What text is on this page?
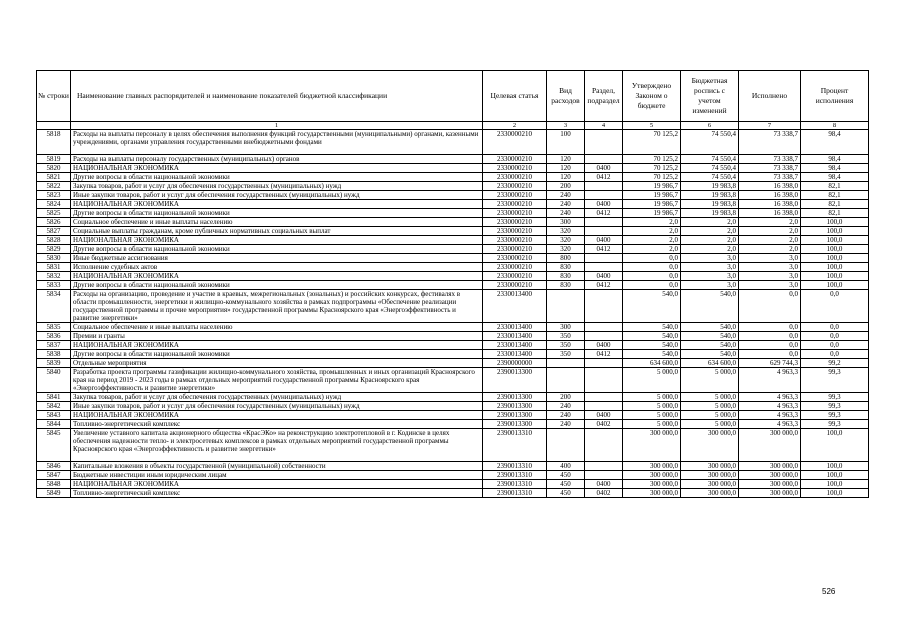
№ строки	Наименование главных распорядителей и наименование показателей бюджетной классификации	Целевая статья	Вид расходов	Раздел, подраздел	Утверждено Законом о бюджете	Бюджетная роспись с учетом изменений	Исполнено	Процент исполнения
	1	2	3	4	5	6	7	8
5818	Расходы на выплаты персоналу в целях обеспечения выполнения функций государственными (муниципальными) органами, казенными учреждениями, органами управления государственными внебюджетными фондами	2330000210	100		70 125,2	74 550,4	73 338,7	98,4
5819	Расходы на выплаты персоналу государственных (муниципальных) органов	2330000210	120		70 125,2	74 550,4	73 338,7	98,4
5820	НАЦИОНАЛЬНАЯ ЭКОНОМИКА	2330000210	120	0400	70 125,2	74 550,4	73 338,7	98,4
5821	Другие вопросы в области национальной экономики	2330000210	120	0412	70 125,2	74 550,4	73 338,7	98,4
5822	Закупка товаров, работ и услуг для обеспечения государственных (муниципальных) нужд	2330000210	200		19 986,7	19 983,8	16 398,0	82,1
5823	Иные закупки товаров, работ и услуг для обеспечения государственных (муниципальных) нужд	2330000210	240		19 986,7	19 983,8	16 398,0	82,1
5824	НАЦИОНАЛЬНАЯ ЭКОНОМИКА	2330000210	240	0400	19 986,7	19 983,8	16 398,0	82,1
5825	Другие вопросы в области национальной экономики	2330000210	240	0412	19 986,7	19 983,8	16 398,0	82,1
5826	Социальное обеспечение и иные выплаты населению	2330000210	300		2,0	2,0	2,0	100,0
5827	Социальные выплаты гражданам, кроме публичных нормативных социальных выплат	2330000210	320		2,0	2,0	2,0	100,0
5828	НАЦИОНАЛЬНАЯ ЭКОНОМИКА	2330000210	320	0400	2,0	2,0	2,0	100,0
5829	Другие вопросы в области национальной экономики	2330000210	320	0412	2,0	2,0	2,0	100,0
5830	Иные бюджетные ассигнования	2330000210	800		0,0	3,0	3,0	100,0
5831	Исполнение судебных актов	2330000210	830		0,0	3,0	3,0	100,0
5832	НАЦИОНАЛЬНАЯ ЭКОНОМИКА	2330000210	830	0400	0,0	3,0	3,0	100,0
5833	Другие вопросы в области национальной экономики	2330000210	830	0412	0,0	3,0	3,0	100,0
5834	Расходы на организацию, проведение и участие в краевых, межрегиональных (зональных) и российских конкурсах, фестивалях в области промышленности, энергетики и жилищно-коммунального хозяйства в рамках подпрограммы «Обеспечение реализации государственной программы и прочие мероприятия» государственной программы Красноярского края «Энергоэффективность и развитие энергетики»	2330013400			540,0	540,0	0,0	0,0
5835	Социальное обеспечение и иные выплаты населению	2330013400	300		540,0	540,0	0,0	0,0
5836	Премии и гранты	2330013400	350		540,0	540,0	0,0	0,0
5837	НАЦИОНАЛЬНАЯ ЭКОНОМИКА	2330013400	350	0400	540,0	540,0	0,0	0,0
5838	Другие вопросы в области национальной экономики	2330013400	350	0412	540,0	540,0	0,0	0,0
5839	Отдельные мероприятия	2390000000			634 600,0	634 600,0	629 744,3	99,2
5840	Разработка проекта программы газификации жилищно-коммунального хозяйства, промышленных и иных организаций Красноярского края на период 2019 - 2023 годы в рамках отдельных мероприятий государственной программы Красноярского края «Энергоэффективность и развитие энергетики»	2390013300			5 000,0	5 000,0	4 963,3	99,3
5841	Закупка товаров, работ и услуг для обеспечения государственных (муниципальных) нужд	2390013300	200		5 000,0	5 000,0	4 963,3	99,3
5842	Иные закупки товаров, работ и услуг для обеспечения государственных (муниципальных) нужд	2390013300	240		5 000,0	5 000,0	4 963,3	99,3
5843	НАЦИОНАЛЬНАЯ ЭКОНОМИКА	2390013300	240	0400	5 000,0	5 000,0	4 963,3	99,3
5844	Топливно-энергетический комплекс	2390013300	240	0402	5 000,0	5 000,0	4 963,3	99,3
5845	Увеличение уставного капитала акционерного общества «КрасЭКо» на реконструкцию электротепловой в г. Кодинске в целях обеспечения надежности тепло- и электросетевых комплексов в рамках отдельных мероприятий государственной программы Красноярского края «Энергоэффективность и развитие энергетики»	2390013310			300 000,0	300 000,0	300 000,0	100,0
5846	Капитальные вложения в объекты государственной (муниципальной) собственности	2390013310	400		300 000,0	300 000,0	300 000,0	100,0
5847	Бюджетные инвестиции иным юридическим лицам	2390013310	450		300 000,0	300 000,0	300 000,0	100,0
5848	НАЦИОНАЛЬНАЯ ЭКОНОМИКА	2390013310	450	0400	300 000,0	300 000,0	300 000,0	100,0
5849	Топливно-энергетический комплекс	2390013310	450	0402	300 000,0	300 000,0	300 000,0	100,0
526
